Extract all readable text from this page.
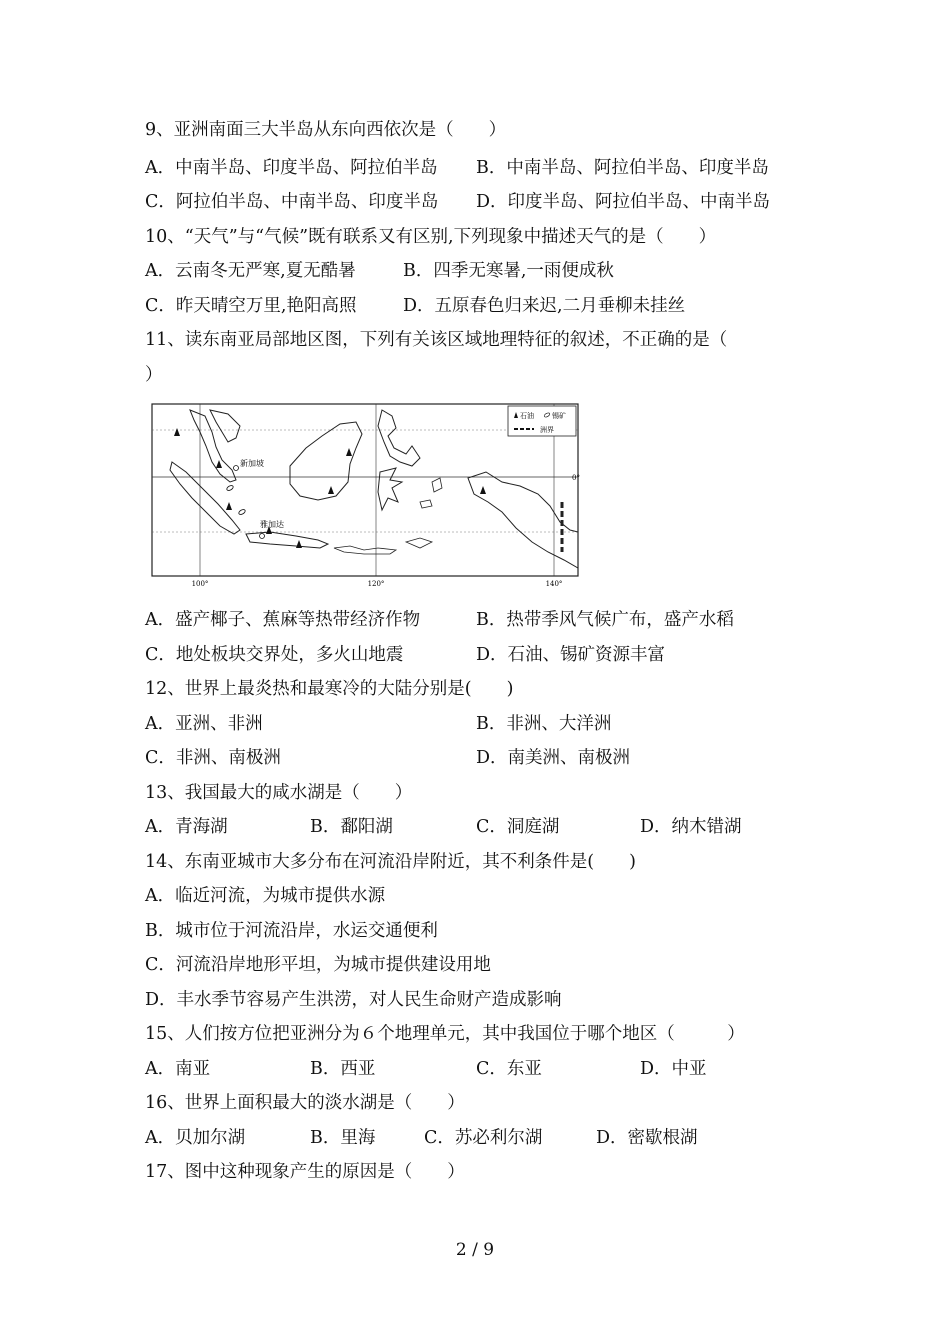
9、亚洲南面三大半岛从东向西依次是（　　）
A．中南半岛、印度半岛、阿拉伯半岛 B．中南半岛、阿拉伯半岛、印度半岛
C．阿拉伯半岛、中南半岛、印度半岛 D．印度半岛、阿拉伯半岛、中南半岛
10、“天气”与“气候”既有联系又有区别,下列现象中描述天气的是（　　）
A．云南冬无严寒,夏无酷暑	B．四季无寒暑,一雨便成秋
C．昨天晴空万里,艳阳高照	D．五原春色归来迟,二月垂柳未挂丝
11、读东南亚局部地区图，下列有关该区域地理特征的叙述，不正确的是（
）
新加坡
雅加达
石油	锡矿
洲界
0°
100°	120°	140°
A．盛产椰子、蕉麻等热带经济作物	B．热带季风气候广布，盛产水稻
C．地处板块交界处，多火山地震	D．石油、锡矿资源丰富
12、世界上最炎热和最寒冷的大陆分别是(　　)
A．亚洲、非洲	B．非洲、大洋洲
C．非洲、南极洲	D．南美洲、南极洲
13、我国最大的咸水湖是（　　）
A．青海湖	B．鄱阳湖	C．洞庭湖	D．纳木错湖
14、东南亚城市大多分布在河流沿岸附近，其不利条件是(　　)
A．临近河流，为城市提供水源
B．城市位于河流沿岸，水运交通便利
C．河流沿岸地形平坦，为城市提供建设用地
D．丰水季节容易产生洪涝，对人民生命财产造成影响
15、人们按方位把亚洲分为６个地理单元，其中我国位于哪个地区（　　　）
A．南亚	B．西亚	C．东亚	D．中亚
16、世界上面积最大的淡水湖是（　　）
A．贝加尔湖	B．里海	C．苏必利尔湖	D．密歇根湖
17、图中这种现象产生的原因是（　　）
2 / 9
